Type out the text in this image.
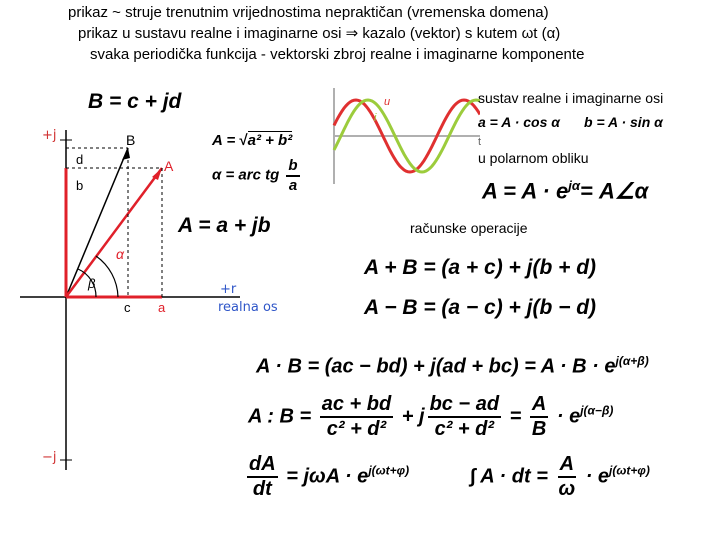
prikaz ~ struje trenutnim vrijednostima nepraktičan (vremenska domena)
prikaz u sustavu realne i imaginarne osi ⇒ kazalo (vektor) s kutem ωt (α)
svaka periodička funkcija - vektorski zbroj realne i imaginarne komponente
B = c + jd
+j
−j
+r
realna os
B
A
d
b
c a
α
β
A = √a² + b²
α = arc tg $\frac{b}{a}$
A = a + jb
u
i
t
sustav realne i imaginarne osi
a = A · cos α b = A · sin α
u polarnom obliku
$A = A \cdot e^{j\alpha}=$ A∠α
računske operacije
A + B = (a + c) + j(b + d)
A − B = (a − c) + j(b − d)
$A \cdot B = (ac - bd) + j(ad + bc) = A \cdot B \cdot e^{j(\alpha+\beta)}$
A : $B = \frac{ac + bd}{\text{c² + d²}} + j \frac{bc - ad}{\text{c² + d²}} = \frac{A}{B} \cdot e^{j(\alpha-\beta)}$
$\frac{dA}{dt} = j\omega A \cdot e^{j(\omega t+\varphi)}$	∫ A · dt = $\frac{A}{\omega} \cdot e^{j(\omega t+\varphi)}$
